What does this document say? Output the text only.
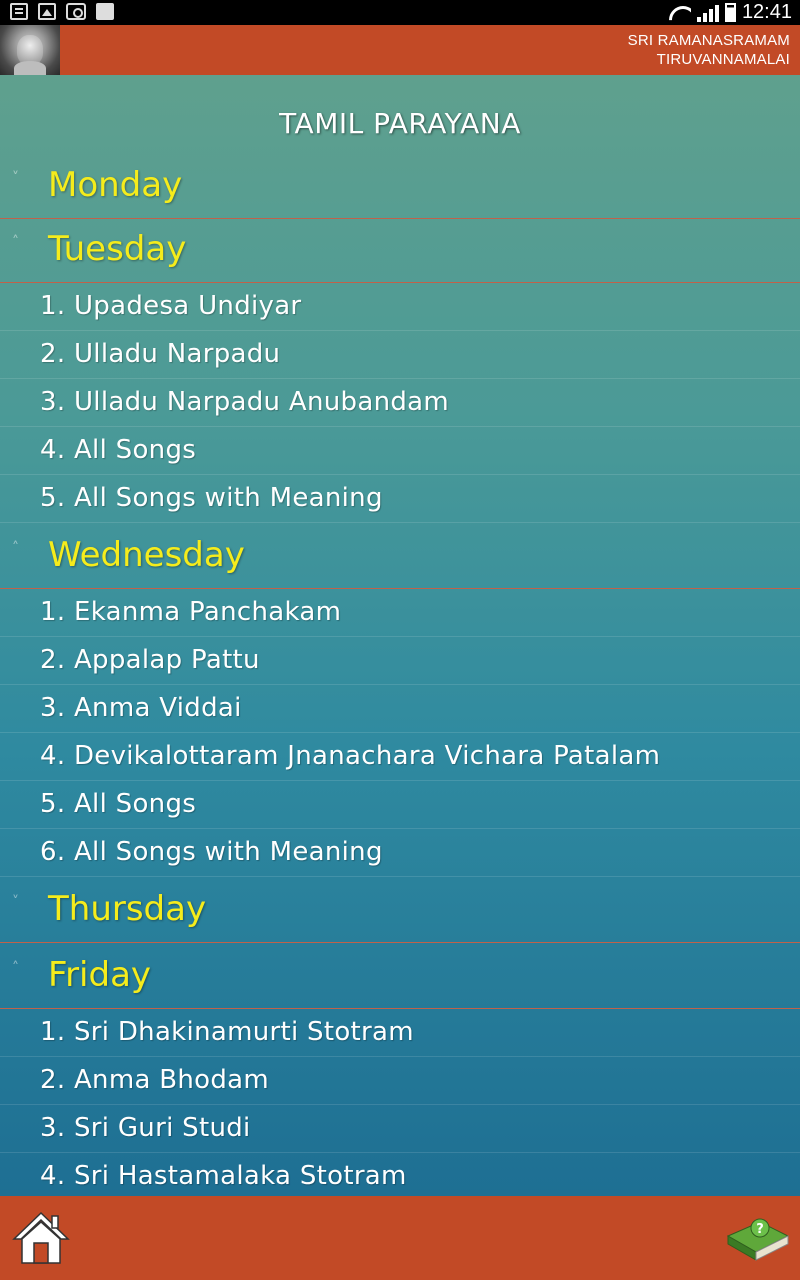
12:41
SRI RAMANASRAMAM
TIRUVANNAMALAI
TAMIL PARAYANA
˅ Monday
˄ Tuesday
1. Upadesa Undiyar
2. Ulladu Narpadu
3. Ulladu Narpadu Anubandam
4. All Songs
5. All Songs with Meaning
˄ Wednesday
1. Ekanma Panchakam
2. Appalap Pattu
3. Anma Viddai
4. Devikalottaram Jnanachara Vichara Patalam
5. All Songs
6. All Songs with Meaning
˅ Thursday
˄ Friday
1. Sri Dhakinamurti Stotram
2. Anma Bhodam
3. Sri Guri Studi
4. Sri Hastamalaka Stotram
?
